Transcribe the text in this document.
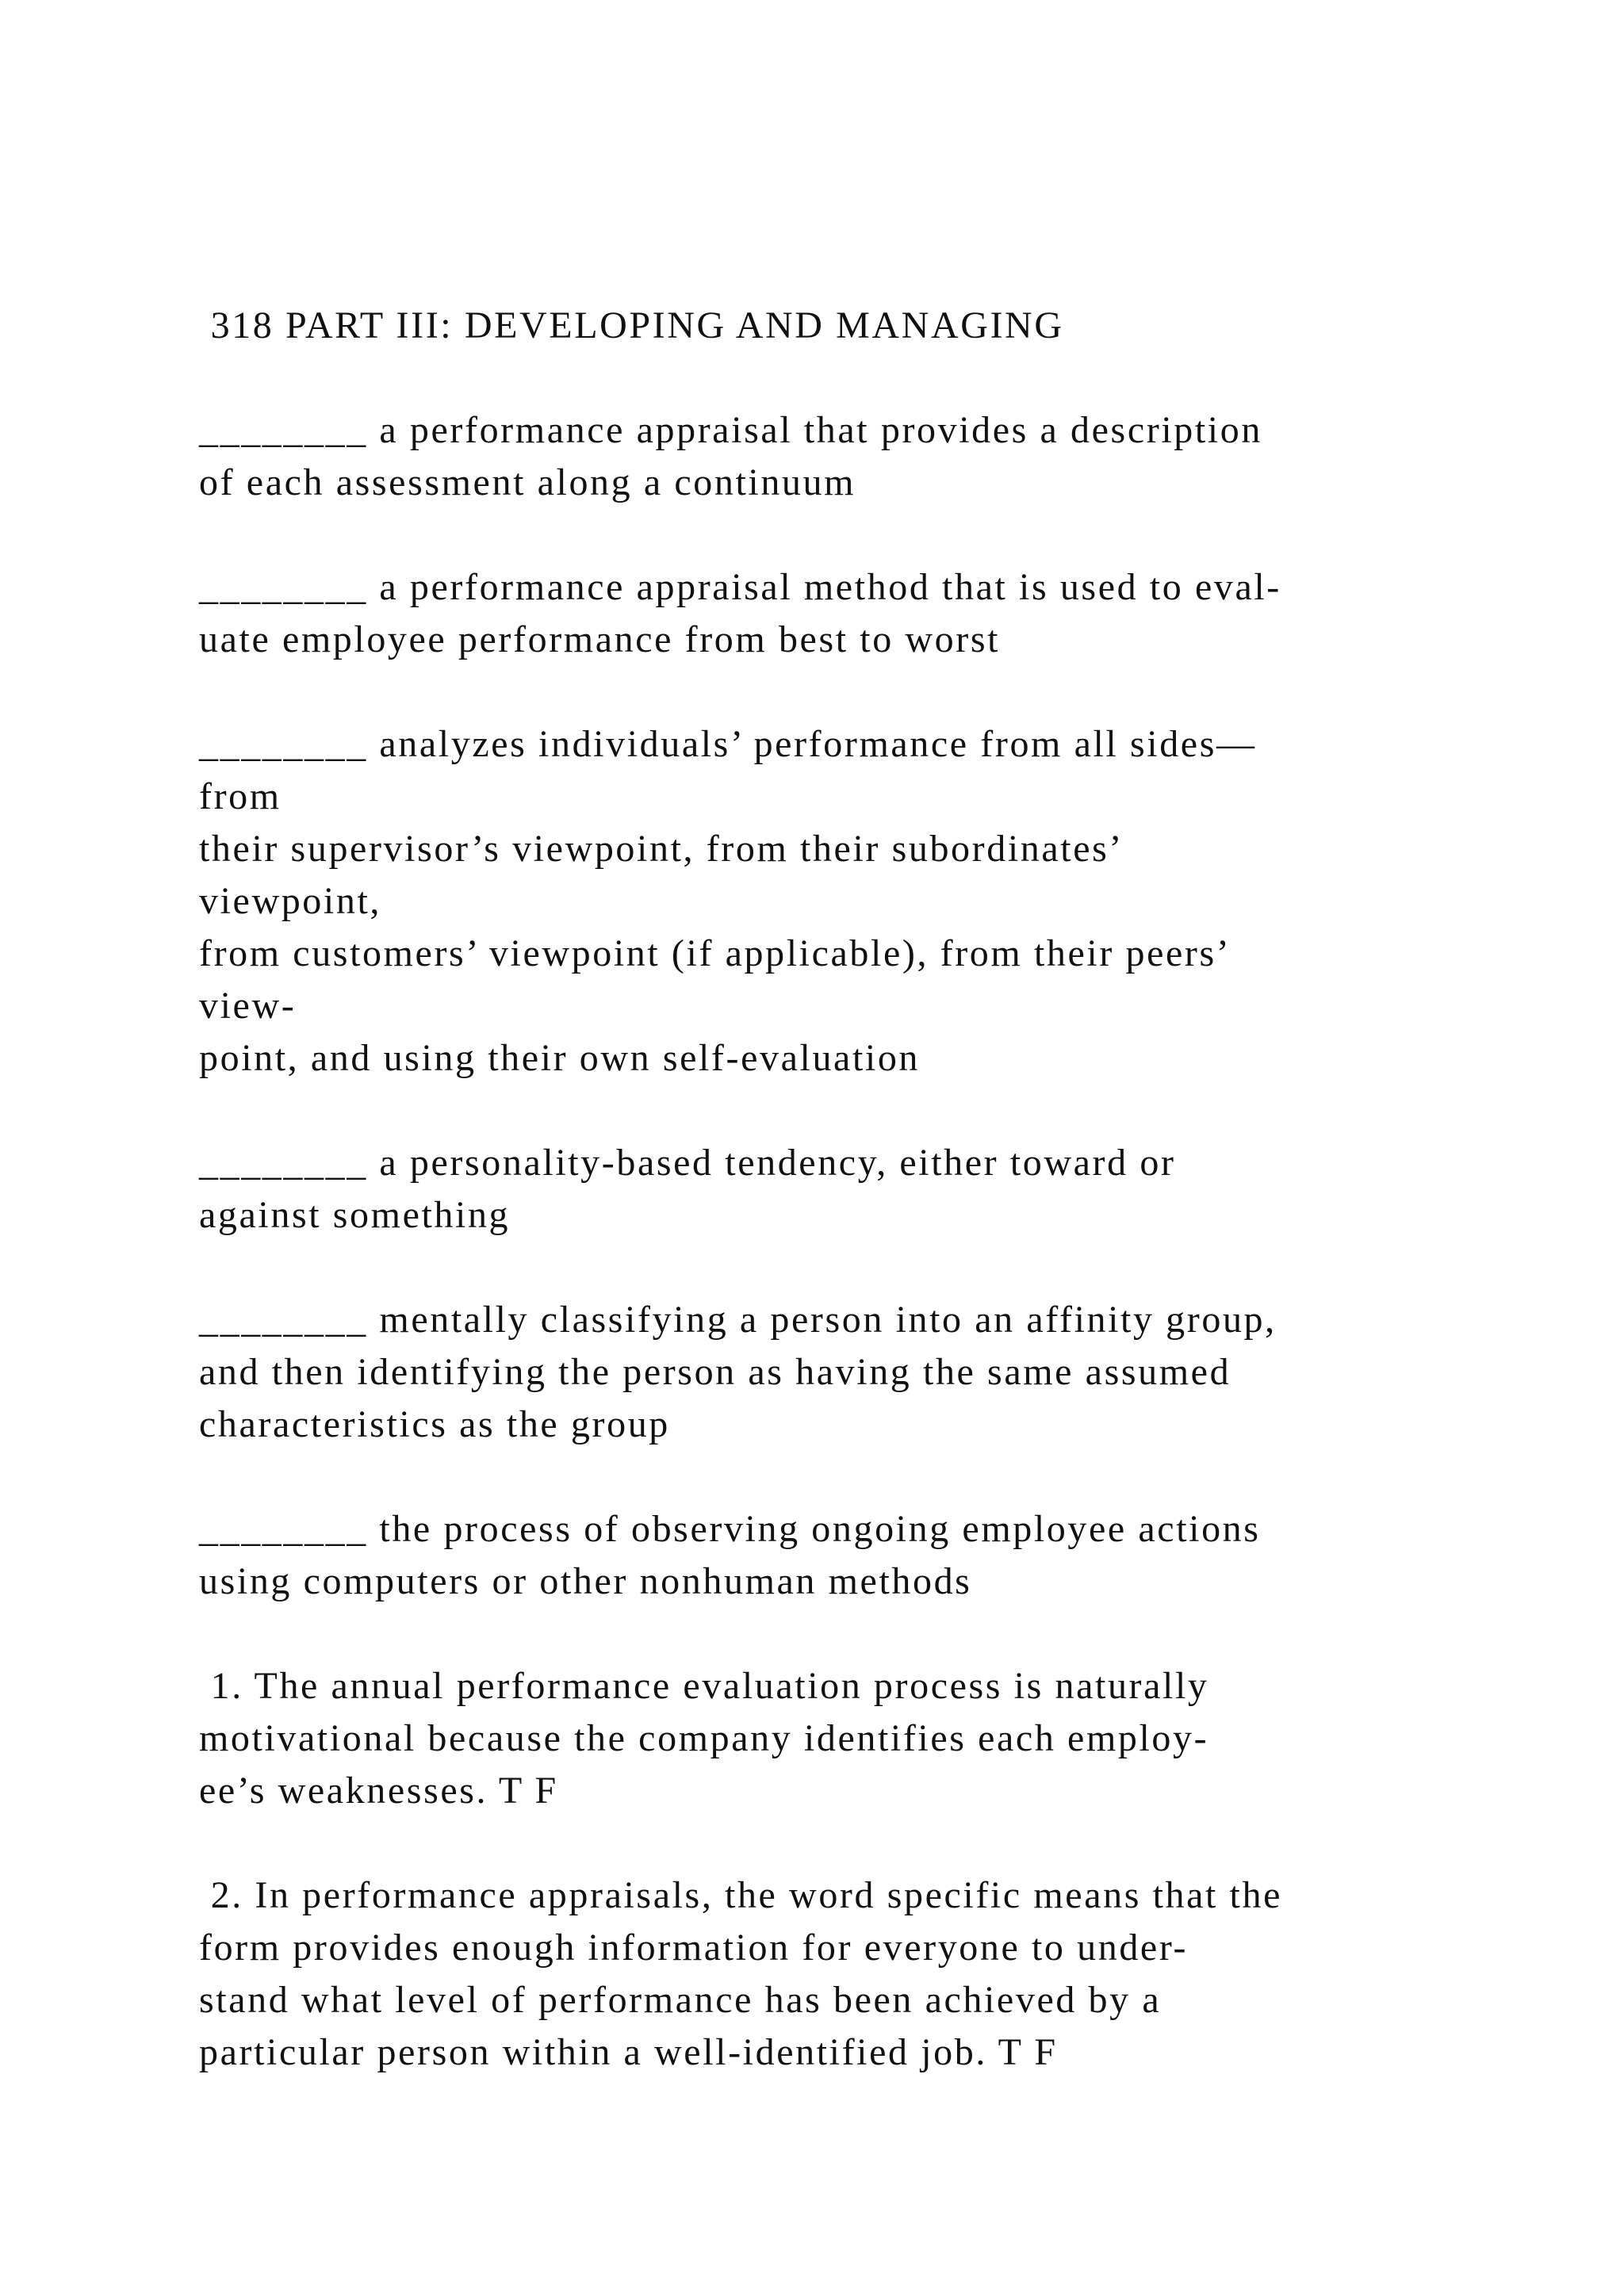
318 PART III: DEVELOPING AND MANAGING
________ a performance appraisal that provides a description
of each assessment along a continuum
________ a performance appraisal method that is used to eval-
uate employee performance from best to worst
________ analyzes individuals’ performance from all sides—
from
their supervisor’s viewpoint, from their subordinates’
viewpoint,
from customers’ viewpoint (if applicable), from their peers’
view-
point, and using their own self-evaluation
________ a personality-based tendency, either toward or
against something
________ mentally classifying a person into an affinity group,
and then identifying the person as having the same assumed
characteristics as the group
________ the process of observing ongoing employee actions
using computers or other nonhuman methods
1. The annual performance evaluation process is naturally
motivational because the company identifies each employ-
ee’s weaknesses. T F
2. In performance appraisals, the word specific means that the
form provides enough information for everyone to under-
stand what level of performance has been achieved by a
particular person within a well-identified job. T F
